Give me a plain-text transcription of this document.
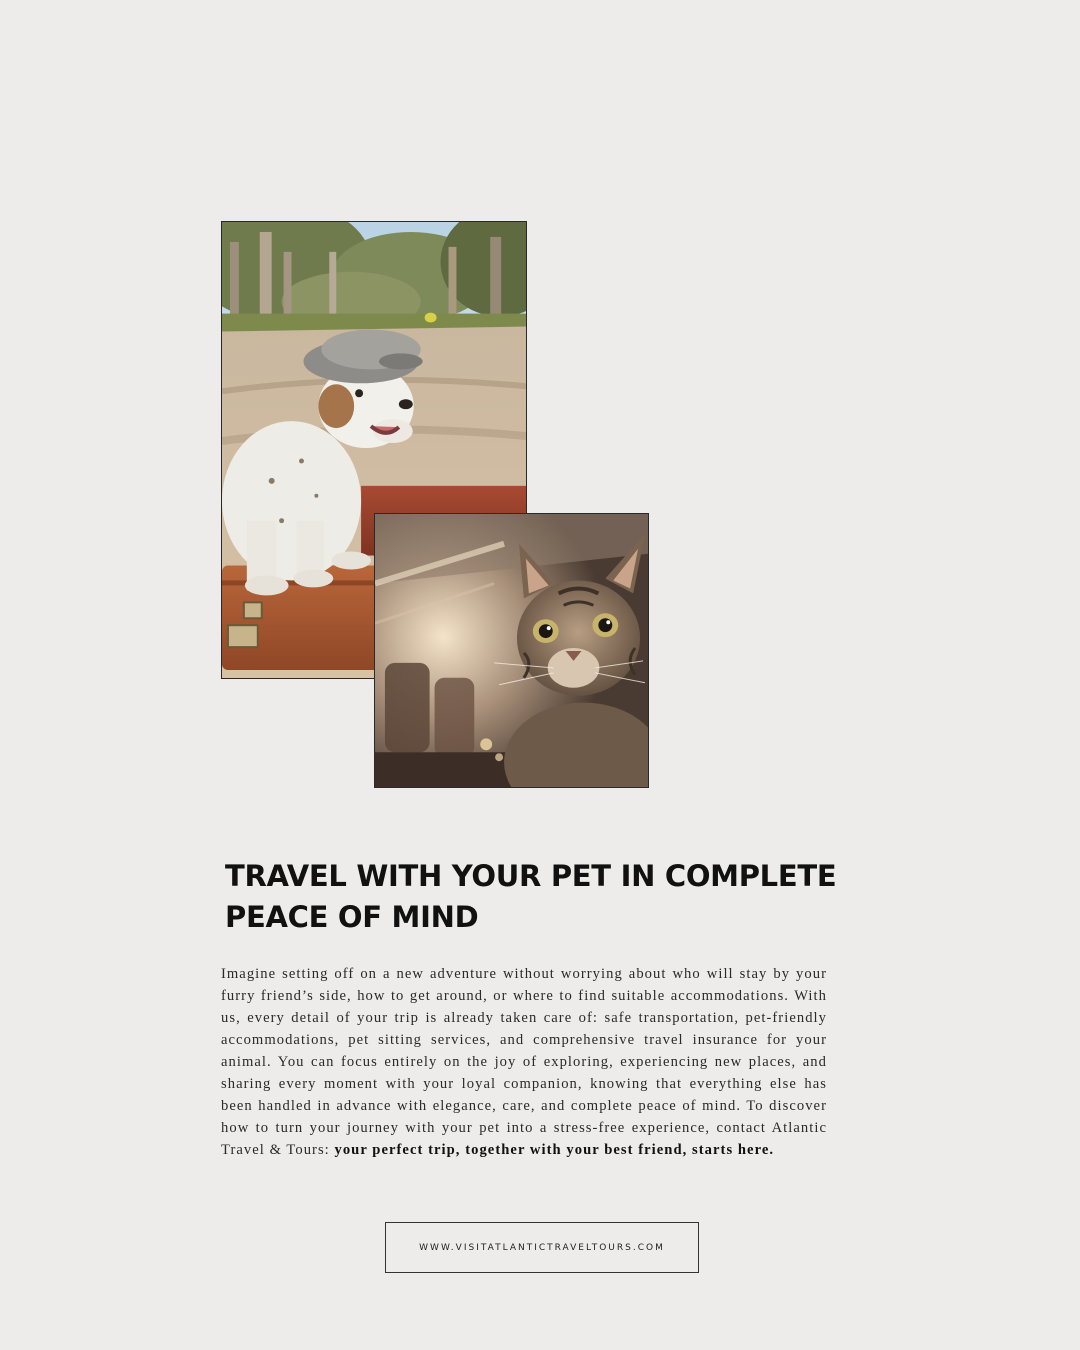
TRAVEL WITH YOUR PET IN COMPLETE PEACE OF MIND

Imagine setting off on a new adventure without worrying about who will stay by your furry friend’s side, how to get around, or where to find suitable accommodations. With us, every detail of your trip is already taken care of: safe transportation, pet-friendly accommodations, pet sitting services, and comprehensive travel insurance for your animal. You can focus entirely on the joy of exploring, experiencing new places, and sharing every moment with your loyal companion, knowing that everything else has been handled in advance with elegance, care, and complete peace of mind. To discover how to turn your journey with your pet into a stress-free experience, contact Atlantic Travel & Tours: your perfect trip, together with your best friend, starts here.

WWW.VISITATLANTICTRAVELTOURS.COM
